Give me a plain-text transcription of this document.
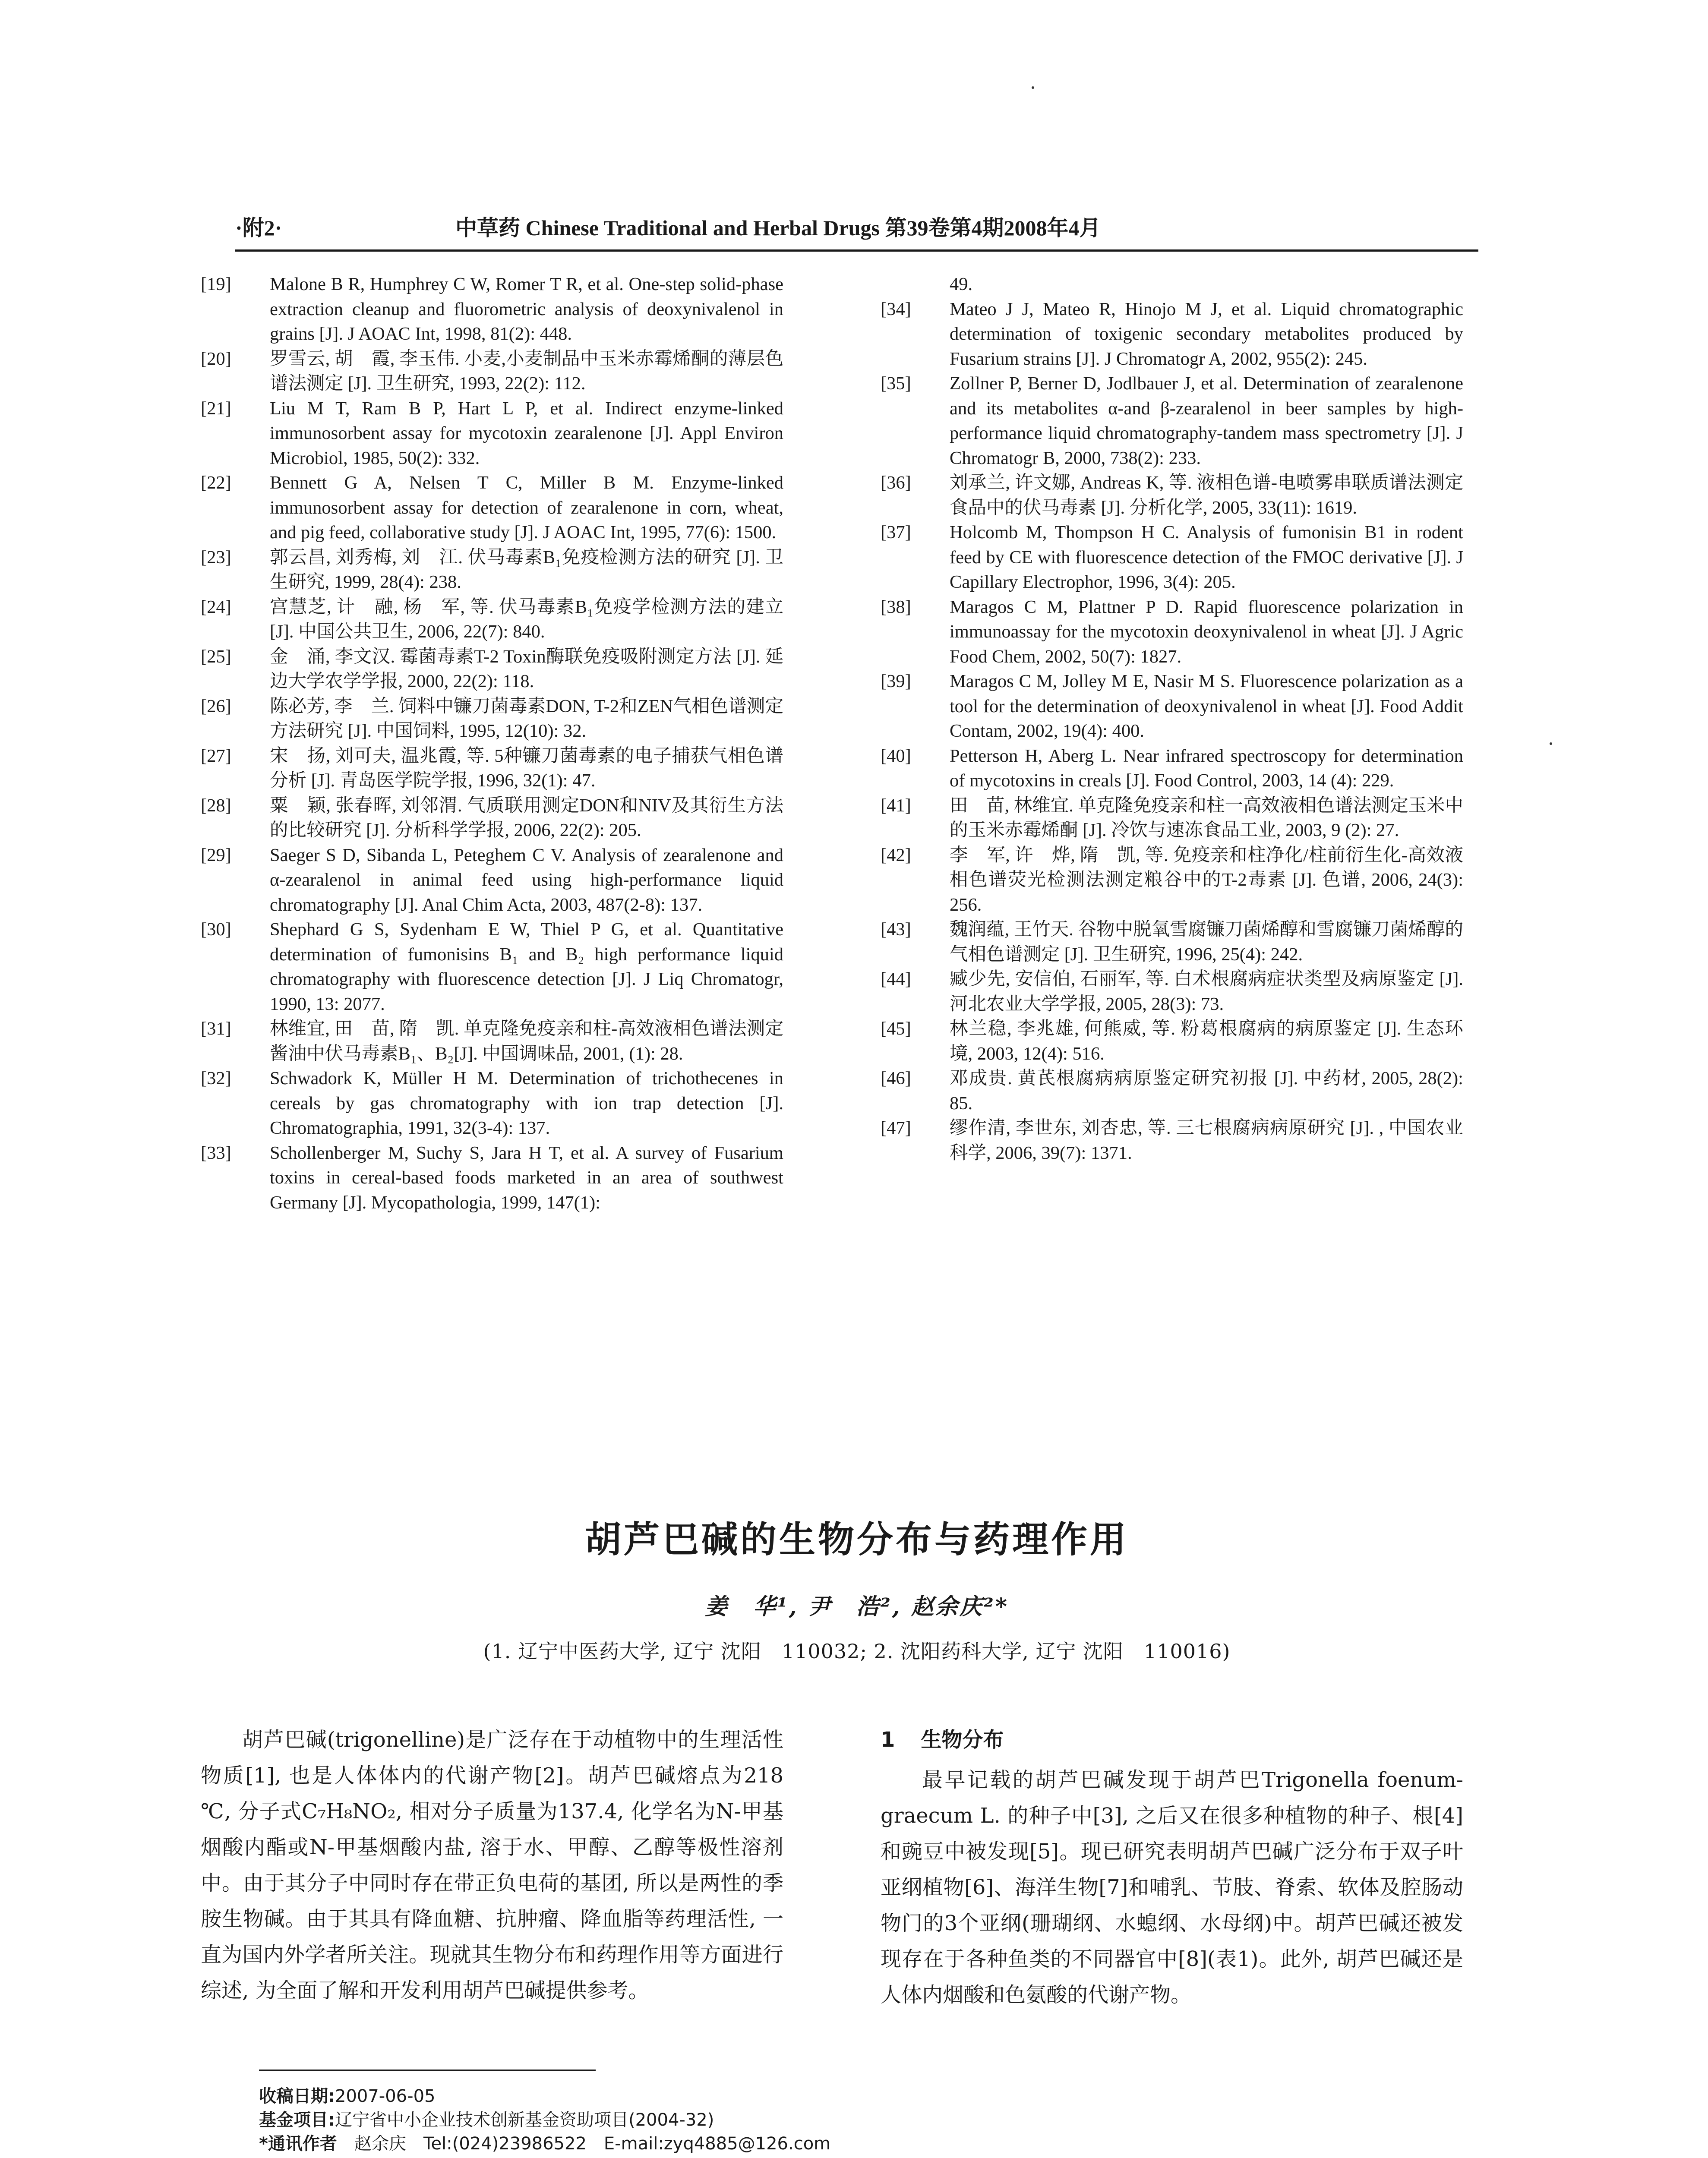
·附2·	中草药 Chinese Traditional and Herbal Drugs 第39卷第4期2008年4月
[19] Malone B R, Humphrey C W, Romer T R, et al. One-step solid-phase extraction cleanup and fluorometric analysis of deoxynivalenol in grains [J]. J AOAC Int, 1998, 81(2): 448.
[20] 罗雪云, 胡　霞, 李玉伟. 小麦,小麦制品中玉米赤霉烯酮的薄层色谱法测定 [J]. 卫生研究, 1993, 22(2): 112.
[21] Liu M T, Ram B P, Hart L P, et al. Indirect enzyme-linked immunosorbent assay for mycotoxin zearalenone [J]. Appl Environ Microbiol, 1985, 50(2): 332.
[22] Bennett G A, Nelsen T C, Miller B M. Enzyme-linked immunosorbent assay for detection of zearalenone in corn, wheat, and pig feed, collaborative study [J]. J AOAC Int, 1995, 77(6): 1500.
[23] 郭云昌, 刘秀梅, 刘　江. 伏马毒素B₁免疫检测方法的研究 [J]. 卫生研究, 1999, 28(4): 238.
[24] 宫慧芝, 计　融, 杨　军, 等. 伏马毒素B₁免疫学检测方法的建立 [J]. 中国公共卫生, 2006, 22(7): 840.
[25] 金　涌, 李文汉. 霉菌毒素T-2 Toxin酶联免疫吸附测定方法 [J]. 延边大学农学学报, 2000, 22(2): 118.
[26] 陈必芳, 李　兰. 饲料中镰刀菌毒素DON, T-2和ZEN气相色谱测定方法研究 [J]. 中国饲料, 1995, 12(10): 32.
[27] 宋　扬, 刘可夫, 温兆霞, 等. 5种镰刀菌毒素的电子捕获气相色谱分析 [J]. 青岛医学院学报, 1996, 32(1): 47.
[28] 粟　颖, 张春晖, 刘邻渭. 气质联用测定DON和NIV及其衍生方法的比较研究 [J]. 分析科学学报, 2006, 22(2): 205.
[29] Saeger S D, Sibanda L, Peteghem C V. Analysis of zearalenone and α-zearalenol in animal feed using high-performance liquid chromatography [J]. Anal Chim Acta, 2003, 487(2-8): 137.
[30] Shephard G S, Sydenham E W, Thiel P G, et al. Quantitative determination of fumonisins B₁ and B₂ high performance liquid chromatography with fluorescence detection [J]. J Liq Chromatogr, 1990, 13: 2077.
[31] 林维宜, 田　苗, 隋　凯. 单克隆免疫亲和柱-高效液相色谱法测定酱油中伏马毒素B₁、B₂[J]. 中国调味品, 2001, (1): 28.
[32] Schwadork K, Müller H M. Determination of trichothecenes in cereals by gas chromatography with ion trap detection [J]. Chromatographia, 1991, 32(3-4): 137.
[33] Schollenberger M, Suchy S, Jara H T, et al. A survey of Fusarium toxins in cereal-based foods marketed in an area of southwest Germany [J]. Mycopathologia, 1999, 147(1):
49.
[34] Mateo J J, Mateo R, Hinojo M J, et al. Liquid chromatographic determination of toxigenic secondary metabolites produced by Fusarium strains [J]. J Chromatogr A, 2002, 955(2): 245.
[35] Zollner P, Berner D, Jodlbauer J, et al. Determination of zearalenone and its metabolites α-and β-zearalenol in beer samples by high-performance liquid chromatography-tandem mass spectrometry [J]. J Chromatogr B, 2000, 738(2): 233.
[36] 刘承兰, 许文娜, Andreas K, 等. 液相色谱-电喷雾串联质谱法测定食品中的伏马毒素 [J]. 分析化学, 2005, 33(11): 1619.
[37] Holcomb M, Thompson H C. Analysis of fumonisin B1 in rodent feed by CE with fluorescence detection of the FMOC derivative [J]. J Capillary Electrophor, 1996, 3(4): 205.
[38] Maragos C M, Plattner P D. Rapid fluorescence polarization in immunoassay for the mycotoxin deoxynivalenol in wheat [J]. J Agric Food Chem, 2002, 50(7): 1827.
[39] Maragos C M, Jolley M E, Nasir M S. Fluorescence polarization as a tool for the determination of deoxynivalenol in wheat [J]. Food Addit Contam, 2002, 19(4): 400.
[40] Petterson H, Aberg L. Near infrared spectroscopy for determination of mycotoxins in creals [J]. Food Control, 2003, 14 (4): 229.
[41] 田　苗, 林维宜. 单克隆免疫亲和柱一高效液相色谱法测定玉米中的玉米赤霉烯酮 [J]. 冷饮与速冻食品工业, 2003, 9 (2): 27.
[42] 李　军, 许　烨, 隋　凯, 等. 免疫亲和柱净化/柱前衍生化-高效液相色谱荧光检测法测定粮谷中的T-2毒素 [J]. 色谱, 2006, 24(3): 256.
[43] 魏润蕴, 王竹天. 谷物中脱氧雪腐镰刀菌烯醇和雪腐镰刀菌烯醇的气相色谱测定 [J]. 卫生研究, 1996, 25(4): 242.
[44] 臧少先, 安信伯, 石丽军, 等. 白术根腐病症状类型及病原鉴定 [J]. 河北农业大学学报, 2005, 28(3): 73.
[45] 林兰稳, 李兆雄, 何熊威, 等. 粉葛根腐病的病原鉴定 [J]. 生态环境, 2003, 12(4): 516.
[46] 邓成贵. 黄芪根腐病病原鉴定研究初报 [J]. 中药材, 2005, 28(2): 85.
[47] 缪作清, 李世东, 刘杏忠, 等. 三七根腐病病原研究 [J]. , 中国农业科学, 2006, 39(7): 1371.
胡芦巴碱的生物分布与药理作用
姜　华¹, 尹　浩², 赵余庆²*
(1. 辽宁中医药大学, 辽宁 沈阳　110032; 2. 沈阳药科大学, 辽宁 沈阳　110016)
胡芦巴碱(trigonelline)是广泛存在于动植物中的生理活性物质[1], 也是人体体内的代谢产物[2]。胡芦巴碱熔点为218 ℃, 分子式C₇H₈NO₂, 相对分子质量为137.4, 化学名为N-甲基烟酸内酯或N-甲基烟酸内盐, 溶于水、甲醇、乙醇等极性溶剂中。由于其分子中同时存在带正负电荷的基团, 所以是两性的季胺生物碱。由于其具有降血糖、抗肿瘤、降血脂等药理活性, 一直为国内外学者所关注。现就其生物分布和药理作用等方面进行综述, 为全面了解和开发利用胡芦巴碱提供参考。
1 生物分布
最早记载的胡芦巴碱发现于胡芦巴Trigonella foenum-graecum L. 的种子中[3], 之后又在很多种植物的种子、根[4]和豌豆中被发现[5]。现已研究表明胡芦巴碱广泛分布于双子叶亚纲植物[6]、海洋生物[7]和哺乳、节肢、脊索、软体及腔肠动物门的3个亚纲(珊瑚纲、水螅纲、水母纲)中。胡芦巴碱还被发现存在于各种鱼类的不同器官中[8](表1)。此外, 胡芦巴碱还是人体内烟酸和色氨酸的代谢产物。
收稿日期:2007-06-05
基金项目:辽宁省中小企业技术创新基金资助项目(2004-32)
*通讯作者　 赵余庆　Tel:(024)23986522　E-mail:zyq4885@126.com
